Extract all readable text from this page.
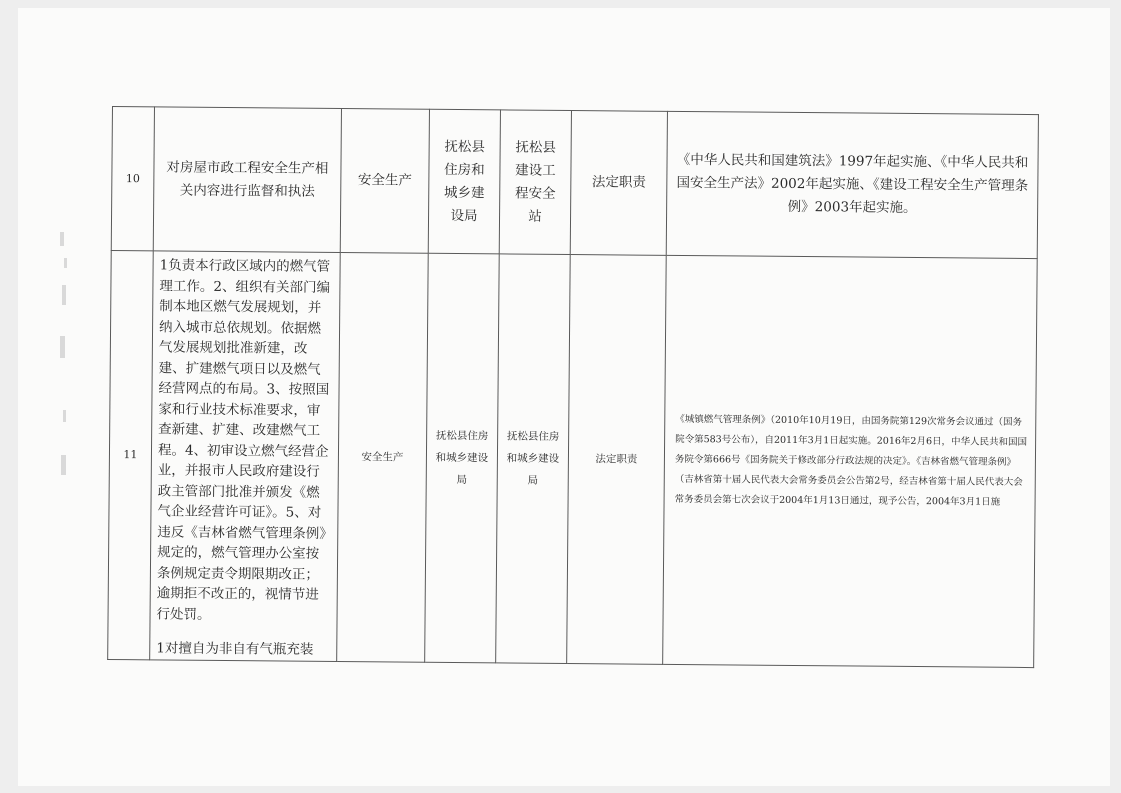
10	对房屋市政工程安全生产相关内容进行监督和执法	安全生产	抚松县住房和城乡建设局	抚松县建设工程安全站	法定职责	《中华人民共和国建筑法》1997年起实施、《中华人民共和国安全生产法》2002年起实施、《建设工程安全生产管理条例》2003年起实施。
11	1负责本行政区域内的燃气管理工作。2、组织有关部门编制本地区燃气发展规划，并纳入城市总依规划。依据燃气发展规划批准新建，改建、扩建燃气项日以及燃气经营网点的布局。3、按照国家和行业技术标准要求，审查新建、扩建、改建燃气工程。4、初审设立燃气经营企业，并报市人民政府建设行政主管部门批准并颁发《燃气企业经营许可证》。5、对违反《吉林省燃气管理条例》规定的，燃气管理办公室按条例规定责令期限期改正；逾期拒不改正的，视情节进行处罚。
1对擅自为非自有气瓶充装	安全生产	抚松县住房和城乡建设局	抚松县住房和城乡建设局	法定职责	《城镇燃气管理条例》（2010年10月19日，由国务院第129次常务会议通过（国务院令第583号公布），自2011年3月1日起实施。2016年2月6日，中华人民共和国国务院令第666号《国务院关于修改部分行政法规的决定》。《吉林省燃气管理条例》（吉林省第十届人民代表大会常务委员会公告第2号，经吉林省第十届人民代表大会常务委员会第七次会议于2004年1月13日通过，现予公告，2004年3月1日施
